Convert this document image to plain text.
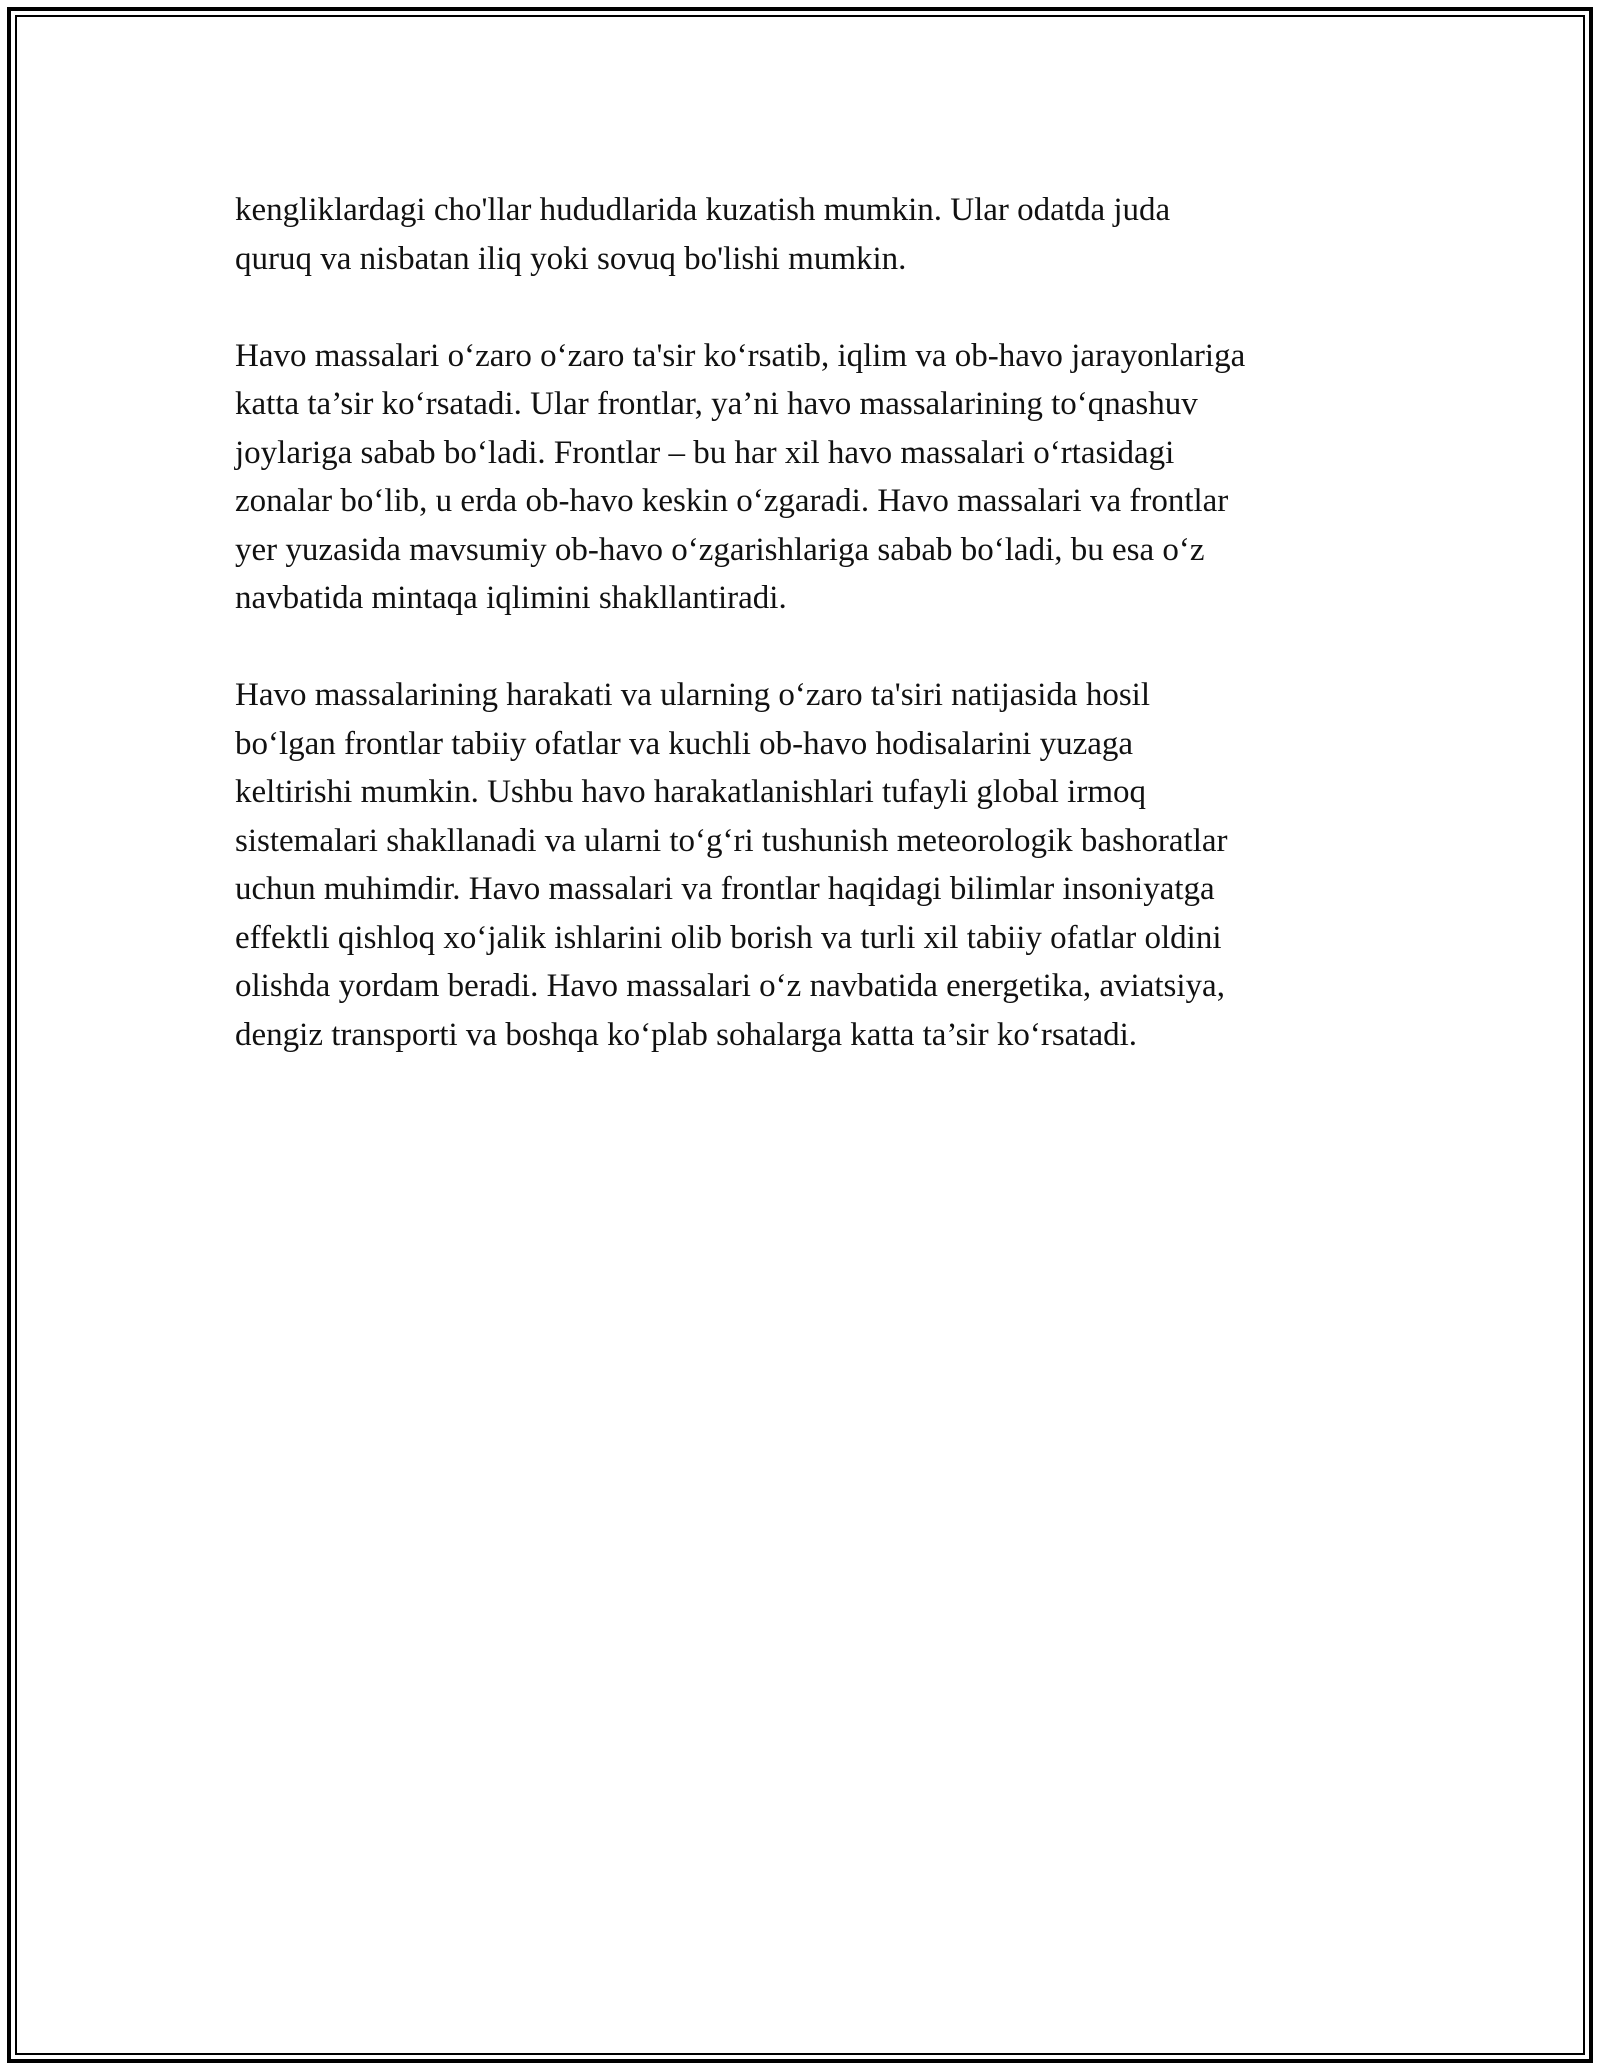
kengliklardagi cho'llar hududlarida kuzatish mumkin. Ular odatda juda
quruq va nisbatan iliq yoki sovuq bo'lishi mumkin.

Havo massalari o‘zaro o‘zaro ta'sir ko‘rsatib, iqlim va ob-havo jarayonlariga
katta ta’sir ko‘rsatadi. Ular frontlar, ya’ni havo massalarining to‘qnashuv
joylariga sabab bo‘ladi. Frontlar – bu har xil havo massalari o‘rtasidagi
zonalar bo‘lib, u erda ob-havo keskin o‘zgaradi. Havo massalari va frontlar
yer yuzasida mavsumiy ob-havo o‘zgarishlariga sabab bo‘ladi, bu esa o‘z
navbatida mintaqa iqlimini shakllantiradi.

Havo massalarining harakati va ularning o‘zaro ta'siri natijasida hosil
bo‘lgan frontlar tabiiy ofatlar va kuchli ob-havo hodisalarini yuzaga
keltirishi mumkin. Ushbu havo harakatlanishlari tufayli global irmoq
sistemalari shakllanadi va ularni to‘g‘ri tushunish meteorologik bashoratlar
uchun muhimdir. Havo massalari va frontlar haqidagi bilimlar insoniyatga
effektli qishloq xo‘jalik ishlarini olib borish va turli xil tabiiy ofatlar oldini
olishda yordam beradi. Havo massalari o‘z navbatida energetika, aviatsiya,
dengiz transporti va boshqa ko‘plab sohalarga katta ta’sir ko‘rsatadi.
